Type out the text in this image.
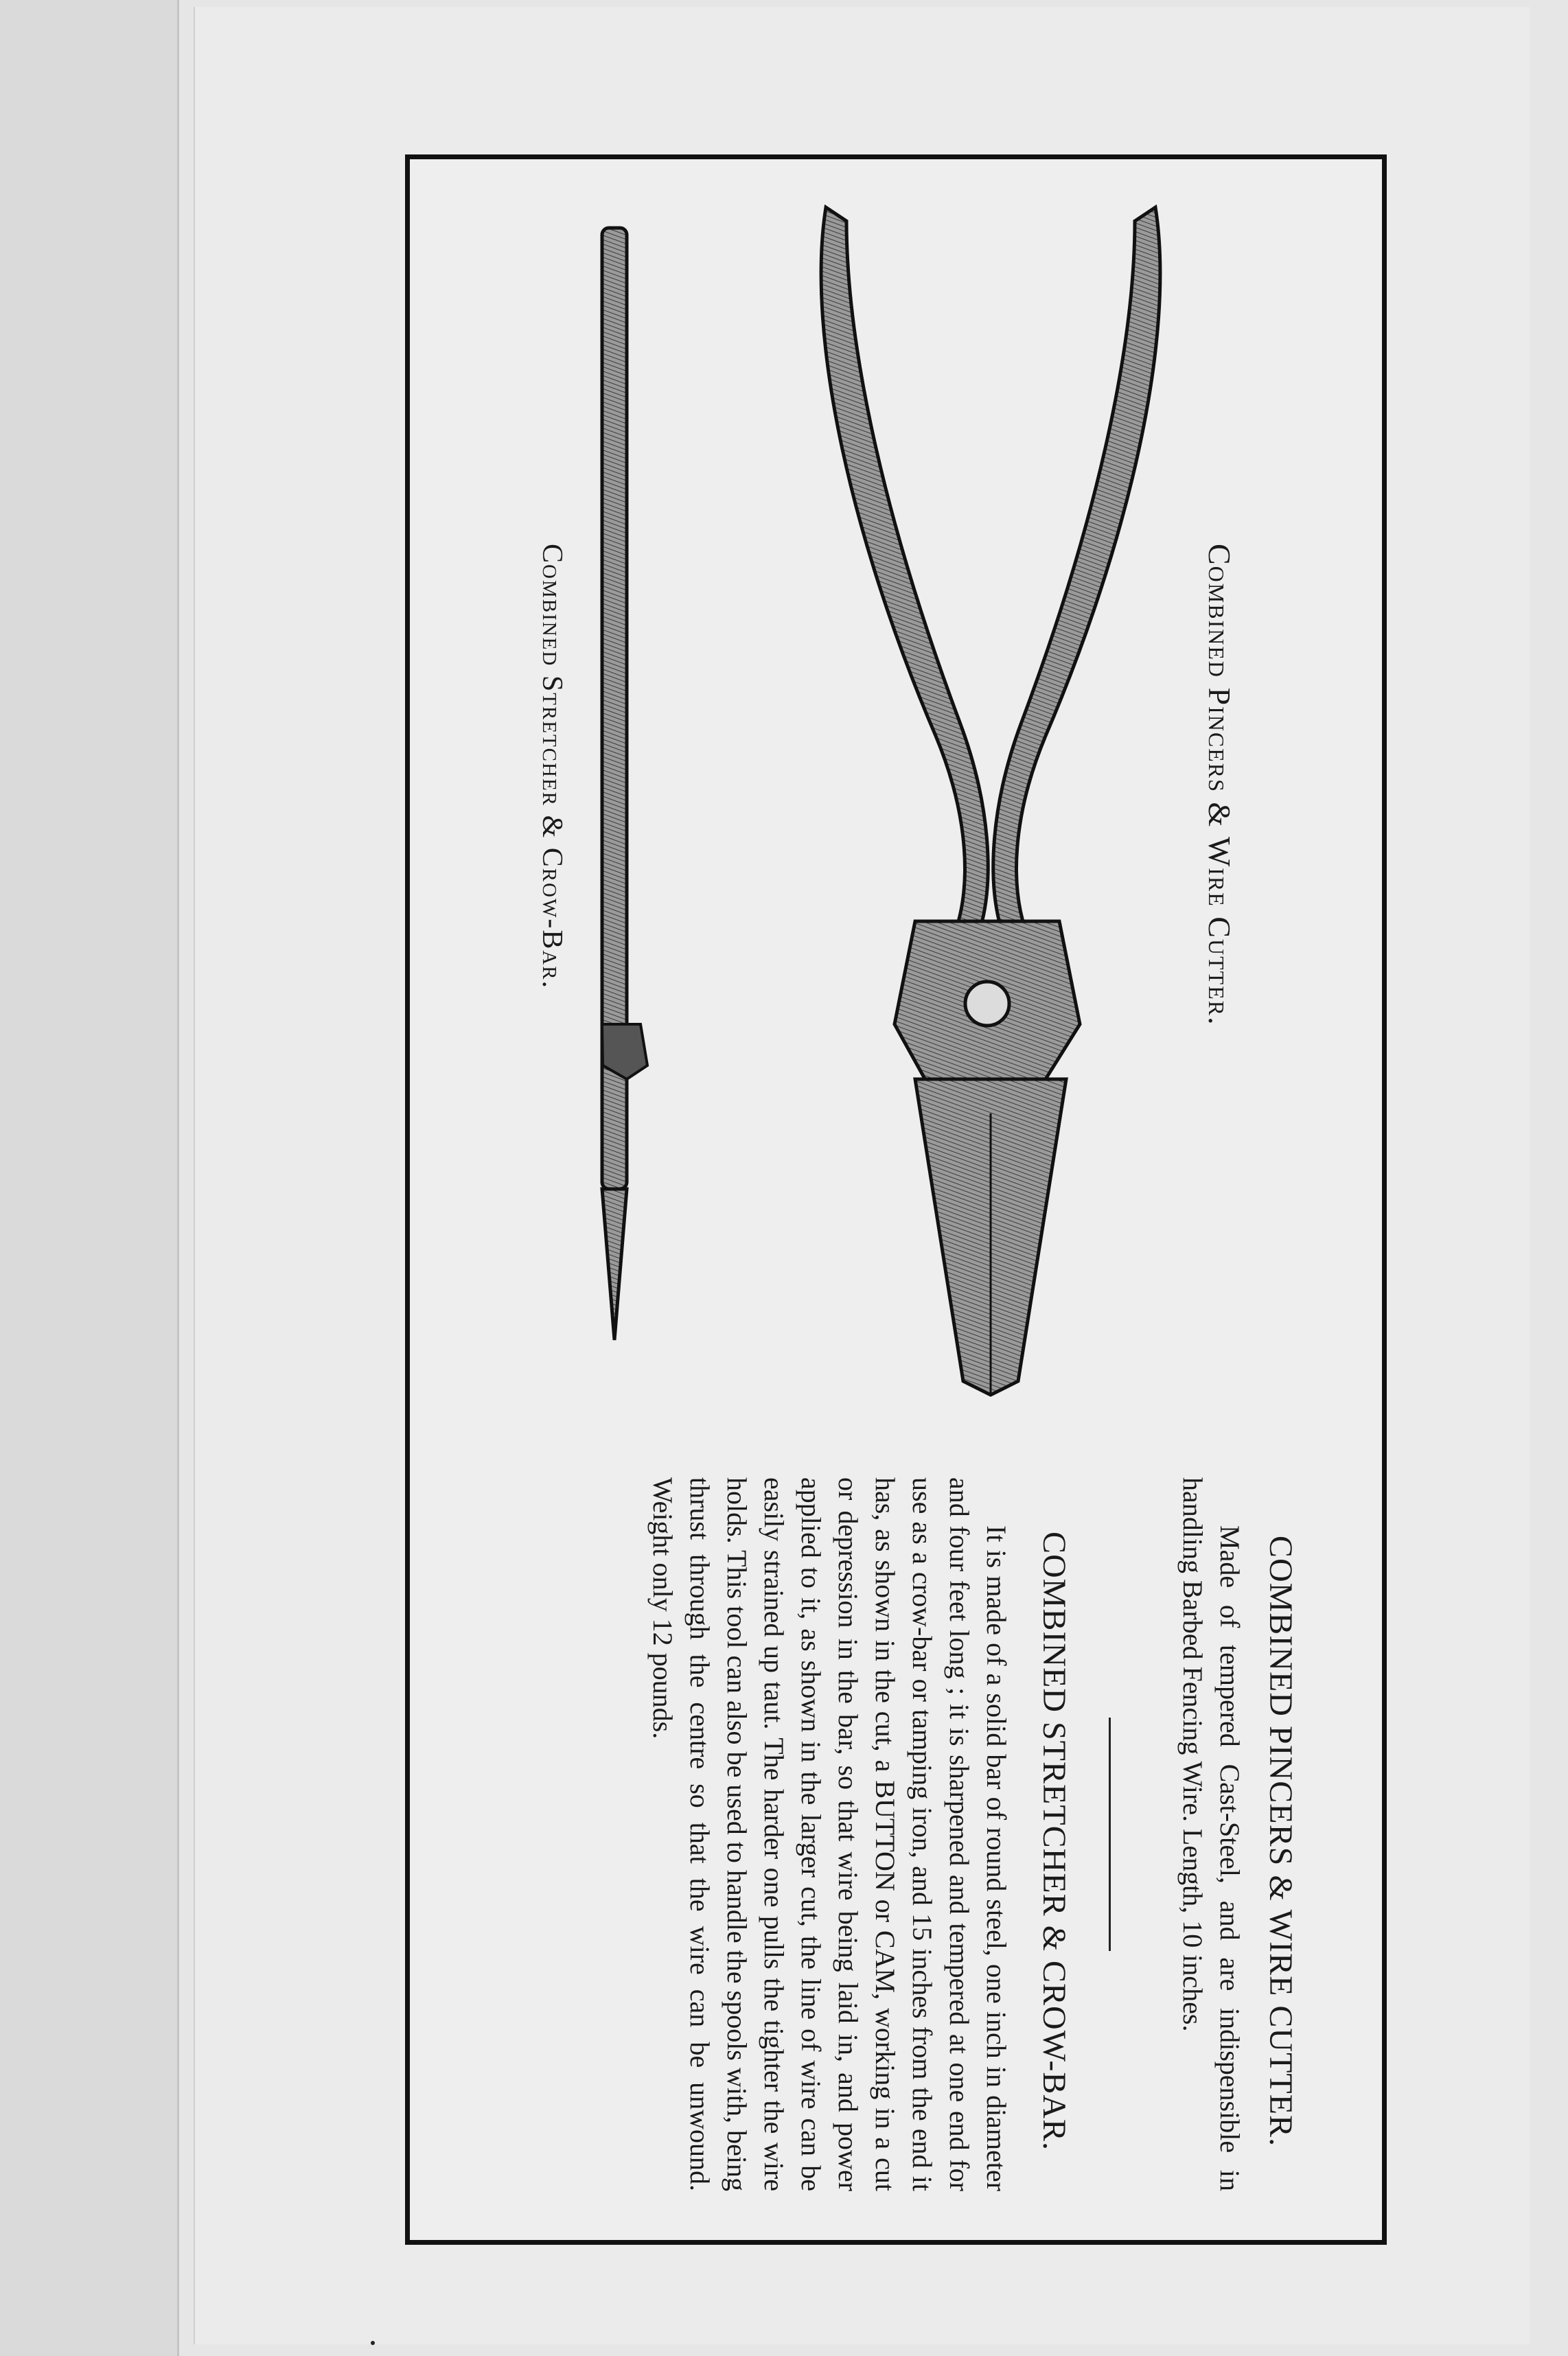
Combined Pincers & Wire Cutter.
Combined Stretcher & Crow-Bar.
COMBINED PINCERS & WIRE CUTTER.

Made of tempered Cast-Steel, and are indispensible in handling Barbed Fencing Wire. Length, 10 inches.

COMBINED STRETCHER & CROW-BAR.

It is made of a solid bar of round steel, one inch in diameter and four feet long ; it is sharpened and tempered at one end for use as a crow-bar or tamping iron, and 15 inches from the end it has, as shown in the cut, a BUTTON or CAM, working in a cut or depression in the bar, so that wire being laid in, and power applied to it, as shown in the larger cut, the line of wire can be easily strained up taut. The harder one pulls the tighter the wire holds. This tool can also be used to handle the spools with, being thrust through the centre so that the wire can be unwound. Weight only 12 pounds.
